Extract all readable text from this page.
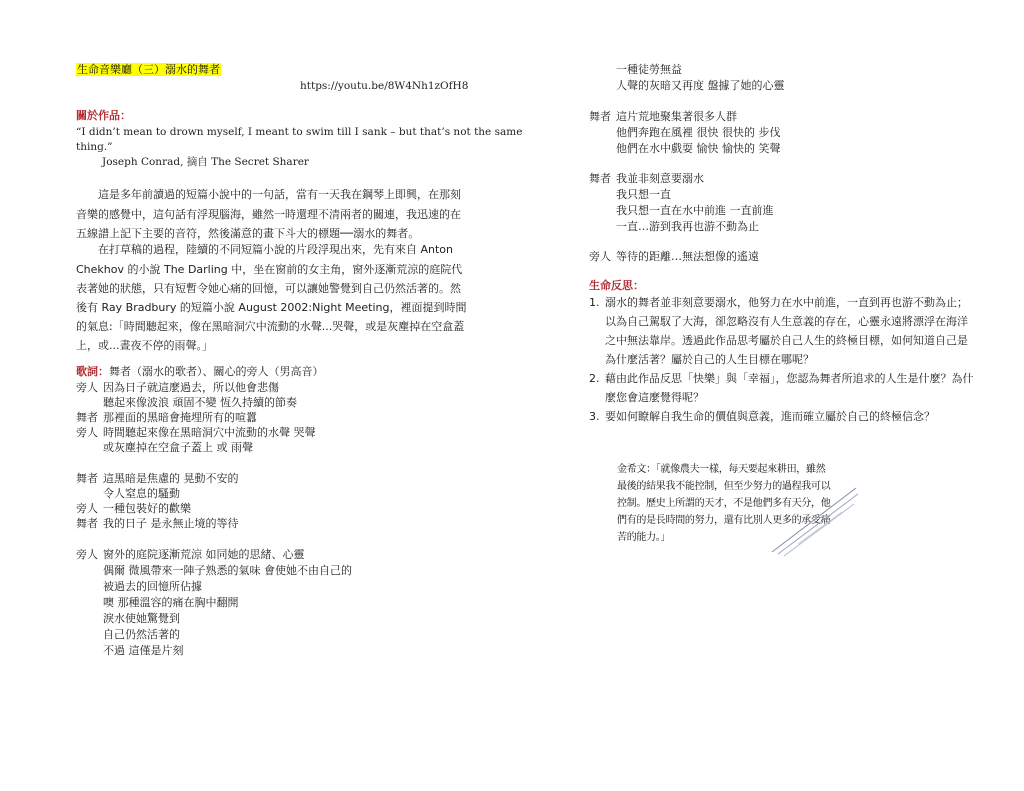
生命音樂廳（三）溺水的舞者
https://youtu.be/8W4Nh1zOfH8
關於作品：
“I didn’t mean to drown myself, I meant to swim till I sank – but that’s not the same
thing.”
Joseph Conrad, 摘自 The Secret Sharer
這是多年前讀過的短篇小說中的一句話，當有一天我在鋼琴上即興，在那刻
音樂的感覺中，這句話有浮現腦海，雖然一時還理不清兩者的關連，我迅速的在
五線譜上記下主要的音符，然後滿意的畫下斗大的標題──溺水的舞者。
在打草稿的過程，陸續的不同短篇小說的片段浮現出來，先有來自 Anton
Chekhov 的小說 The Darling 中，坐在窗前的女主角，窗外逐漸荒涼的庭院代
表著她的狀態，只有短暫令她心痛的回憶，可以讓她警覺到自己仍然活著的。然
後有 Ray Bradbury 的短篇小說 August 2002:Night Meeting，裡面提到時間
的氣息:「時間聽起來，像在黑暗洞穴中流動的水聲...哭聲，或是灰塵掉在空盒蓋
上，或...晝夜不停的雨聲。」
歌詞：舞者（溺水的歌者）、關心的旁人（男高音）
旁人 因為日子就這麼過去，所以他會悲傷
聽起來像波浪 頑固不變 恆久持續的節奏
舞者 那裡面的黑暗會掩埋所有的喧囂
旁人 時間聽起來像在黑暗洞穴中流動的水聲 哭聲
或灰塵掉在空盒子蓋上 或 雨聲
舞者 這黑暗是焦慮的 晃動不安的
令人窒息的騷動
旁人 一種包裝好的歡樂
舞者 我的日子 是永無止境的等待
旁人 窗外的庭院逐漸荒涼 如同她的思緒、心靈
偶爾 微風帶來一陣子熟悉的氣味 會使她不由自己的
被過去的回憶所佔據
噢 那種溫容的痛在胸中翻開
淚水使她驚覺到
自己仍然活著的
不過 這僅是片刻
一種徒勞無益
人聲的灰暗又再度 盤據了她的心靈
舞者 這片荒地聚集著很多人群
他們奔跑在風裡 很快 很快的 步伐
他們在水中戲耍 愉快 愉快的 笑聲
舞者 我並非刻意要溺水
我只想一直
我只想一直在水中前進 一直前進
一直…游到我再也游不動為止
旁人 等待的距離…無法想像的遙遠
生命反思：
1. 溺水的舞者並非刻意要溺水，他努力在水中前進，一直到再也游不動為止；
以為自己駕馭了大海，卻忽略沒有人生意義的存在，心靈永遠將漂浮在海洋
之中無法靠岸。透過此作品思考屬於自己人生的終極目標，如何知道自己是
為什麼活著？屬於自己的人生目標在哪呢？
2. 藉由此作品反思「快樂」與「幸福」，您認為舞者所追求的人生是什麼？為什
麼您會這麼覺得呢？
3. 要如何瞭解自我生命的價值與意義，進而確立屬於自己的終極信念？
金希文：「就像農夫一樣，每天要起來耕田，雖然最後的結果我不能控制，但至少努力的過程我可以控制。歷史上所謂的天才，不是他們多有天分，他們有的是長時間的努力，還有比別人更多的承受痛苦的能力。」
